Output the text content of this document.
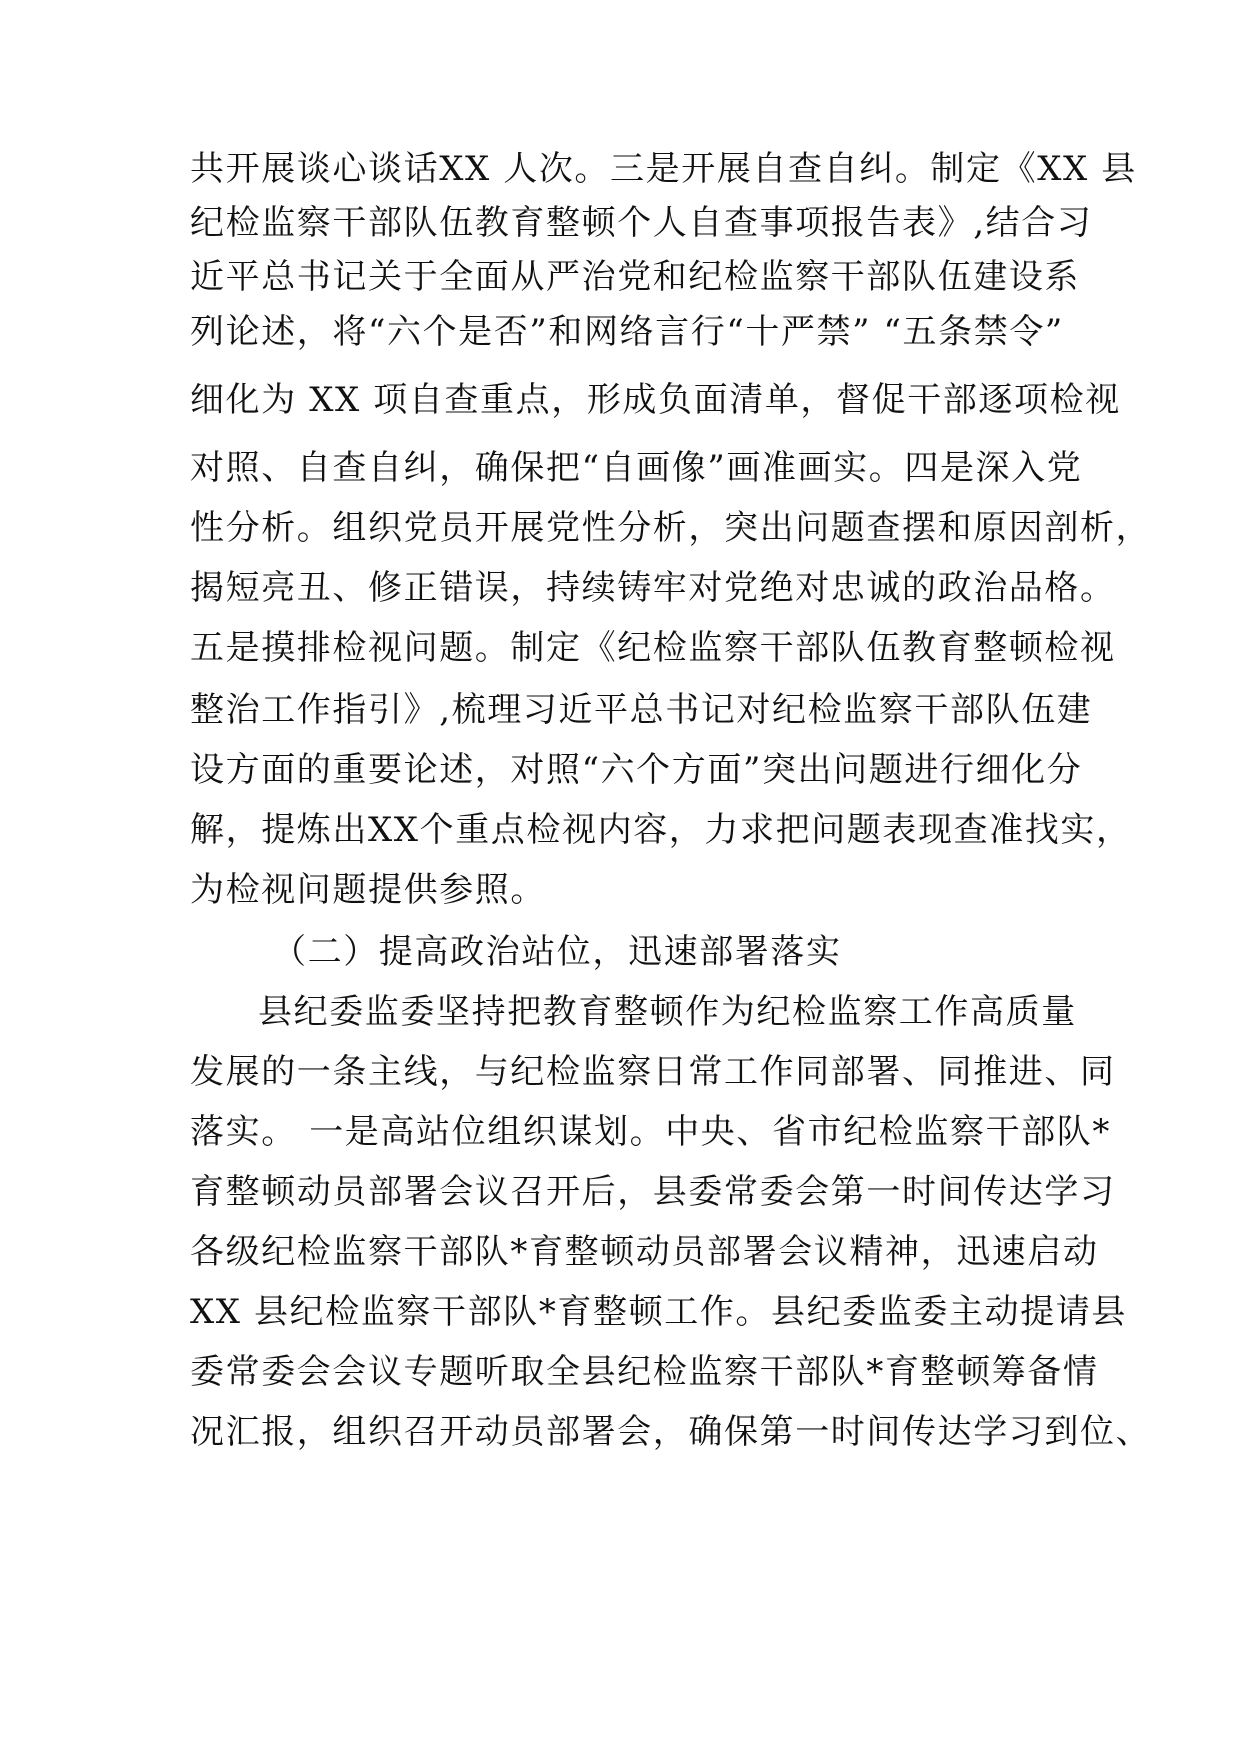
共开展谈心谈话XX 人次。三是开展自查自纠。制定《XX 县
纪检监察干部队伍教育整顿个人自查事项报告表》,结合习
近平总书记关于全面从严治党和纪检监察干部队伍建设系
列论述，将“六个是否”和网络言行“十严禁” “五条禁令”
细化为 XX 项自查重点，形成负面清单，督促干部逐项检视
对照、自查自纠，确保把“自画像”画准画实。四是深入党
性分析。组织党员开展党性分析，突出问题查摆和原因剖析，
揭短亮丑、修正错误，持续铸牢对党绝对忠诚的政治品格。
五是摸排检视问题。制定《纪检监察干部队伍教育整顿检视
整治工作指引》,梳理习近平总书记对纪检监察干部队伍建
设方面的重要论述，对照“六个方面”突出问题进行细化分
解，提炼出XX个重点检视内容，力求把问题表现查准找实，
为检视问题提供参照。
（二）提高政治站位，迅速部署落实
县纪委监委坚持把教育整顿作为纪检监察工作高质量
发展的一条主线，与纪检监察日常工作同部署、同推进、同
落实。 一是高站位组织谋划。中央、省市纪检监察干部队*
育整顿动员部署会议召开后，县委常委会第一时间传达学习
各级纪检监察干部队*育整顿动员部署会议精神，迅速启动
XX 县纪检监察干部队*育整顿工作。县纪委监委主动提请县
委常委会会议专题听取全县纪检监察干部队*育整顿筹备情
况汇报，组织召开动员部署会，确保第一时间传达学习到位、
